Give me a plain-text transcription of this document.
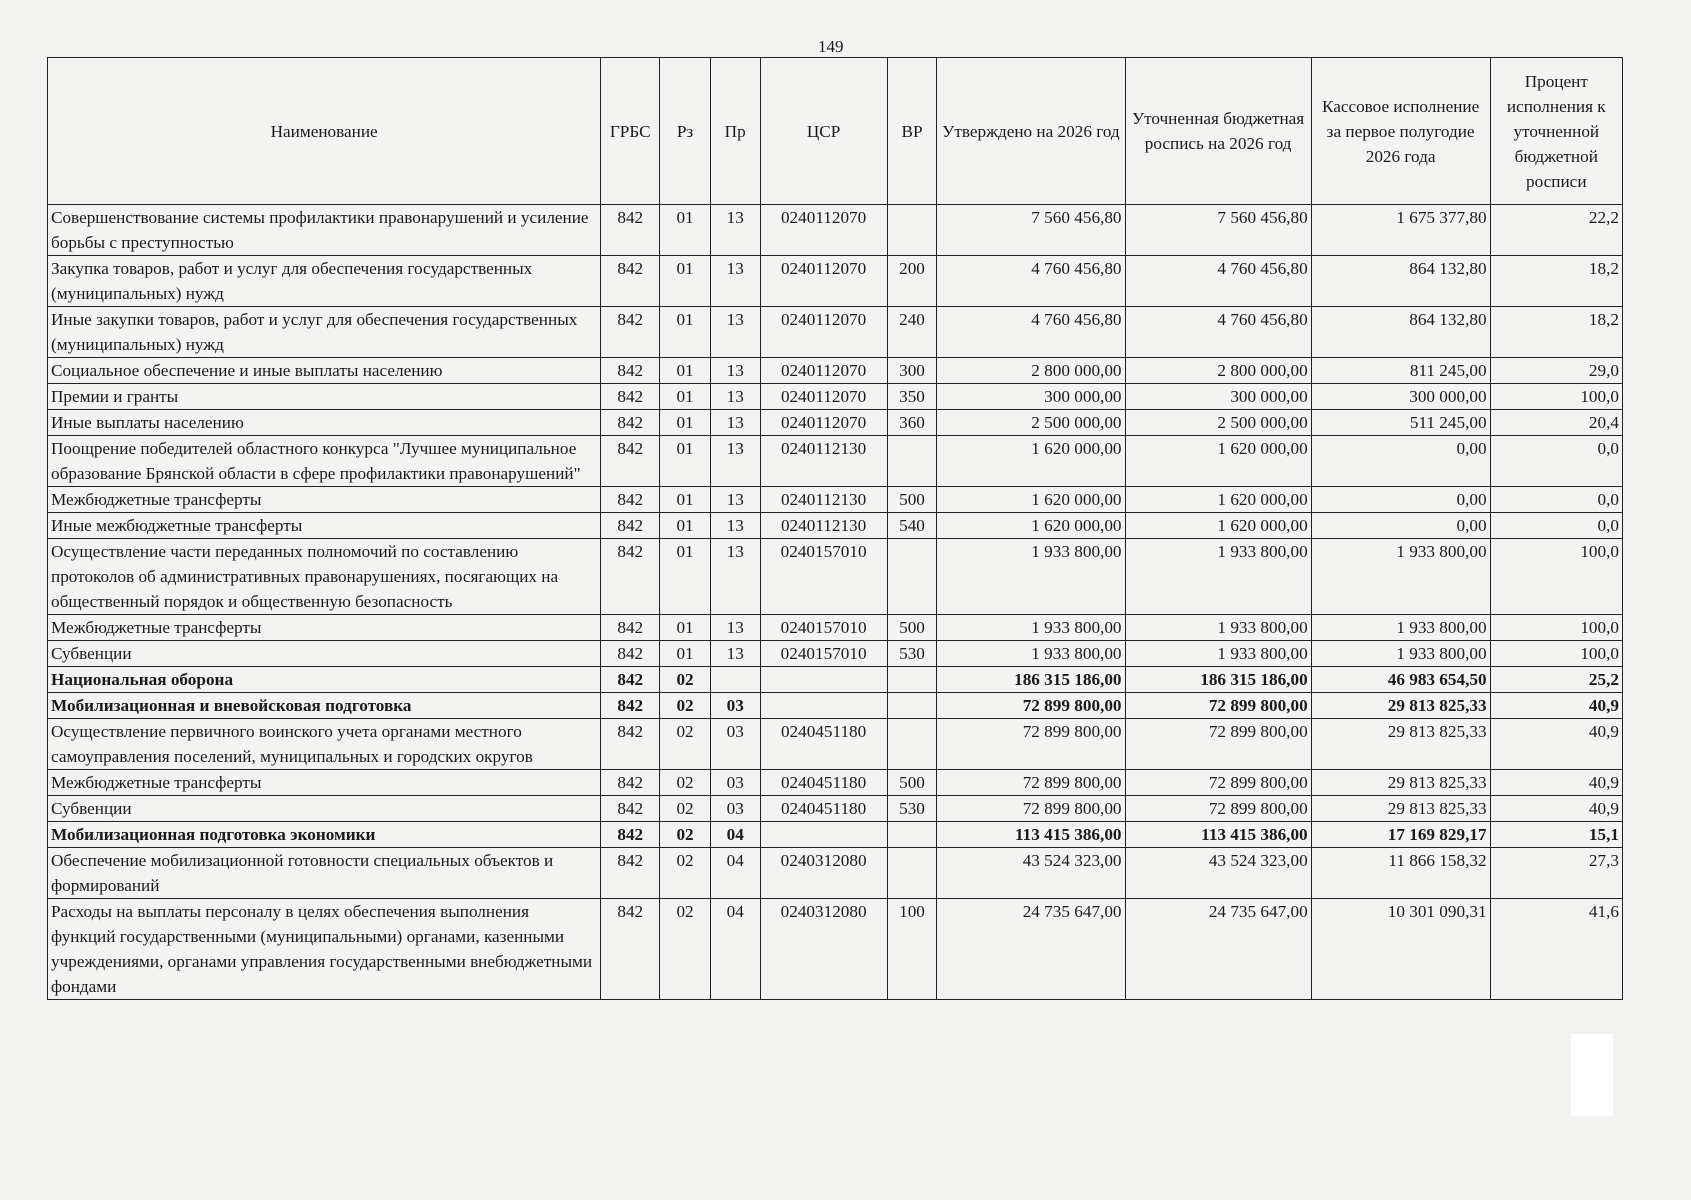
149
Наименование	ГРБС	Рз	Пр	ЦСР	ВР	Утверждено на 2026 год	Уточненная бюджетная роспись на 2026 год	Кассовое исполнение за первое полугодие 2026 года	Процент исполнения к уточненной бюджетной росписи
Совершенствование системы профилактики правонарушений и усиление борьбы с преступностью	842	01	13	0240112070		7 560 456,80	7 560 456,80	1 675 377,80	22,2
Закупка товаров, работ и услуг для обеспечения государственных (муниципальных) нужд	842	01	13	0240112070	200	4 760 456,80	4 760 456,80	864 132,80	18,2
Иные закупки товаров, работ и услуг для обеспечения государственных (муниципальных) нужд	842	01	13	0240112070	240	4 760 456,80	4 760 456,80	864 132,80	18,2
Социальное обеспечение и иные выплаты населению	842	01	13	0240112070	300	2 800 000,00	2 800 000,00	811 245,00	29,0
Премии и гранты	842	01	13	0240112070	350	300 000,00	300 000,00	300 000,00	100,0
Иные выплаты населению	842	01	13	0240112070	360	2 500 000,00	2 500 000,00	511 245,00	20,4
Поощрение победителей областного конкурса "Лучшее муниципальное образование Брянской области в сфере профилактики правонарушений"	842	01	13	0240112130		1 620 000,00	1 620 000,00	0,00	0,0
Межбюджетные трансферты	842	01	13	0240112130	500	1 620 000,00	1 620 000,00	0,00	0,0
Иные межбюджетные трансферты	842	01	13	0240112130	540	1 620 000,00	1 620 000,00	0,00	0,0
Осуществление части переданных полномочий по составлению протоколов об административных правонарушениях, посягающих на общественный порядок и общественную безопасность	842	01	13	0240157010		1 933 800,00	1 933 800,00	1 933 800,00	100,0
Межбюджетные трансферты	842	01	13	0240157010	500	1 933 800,00	1 933 800,00	1 933 800,00	100,0
Субвенции	842	01	13	0240157010	530	1 933 800,00	1 933 800,00	1 933 800,00	100,0
Национальная оборона	842	02				186 315 186,00	186 315 186,00	46 983 654,50	25,2
Мобилизационная и вневойсковая подготовка	842	02	03			72 899 800,00	72 899 800,00	29 813 825,33	40,9
Осуществление первичного воинского учета органами местного самоуправления поселений, муниципальных и городских округов	842	02	03	0240451180		72 899 800,00	72 899 800,00	29 813 825,33	40,9
Межбюджетные трансферты	842	02	03	0240451180	500	72 899 800,00	72 899 800,00	29 813 825,33	40,9
Субвенции	842	02	03	0240451180	530	72 899 800,00	72 899 800,00	29 813 825,33	40,9
Мобилизационная подготовка экономики	842	02	04			113 415 386,00	113 415 386,00	17 169 829,17	15,1
Обеспечение мобилизационной готовности специальных объектов и формирований	842	02	04	0240312080		43 524 323,00	43 524 323,00	11 866 158,32	27,3
Расходы на выплаты персоналу в целях обеспечения выполнения функций государственными (муниципальными) органами, казенными учреждениями, органами управления государственными внебюджетными фондами	842	02	04	0240312080	100	24 735 647,00	24 735 647,00	10 301 090,31	41,6
